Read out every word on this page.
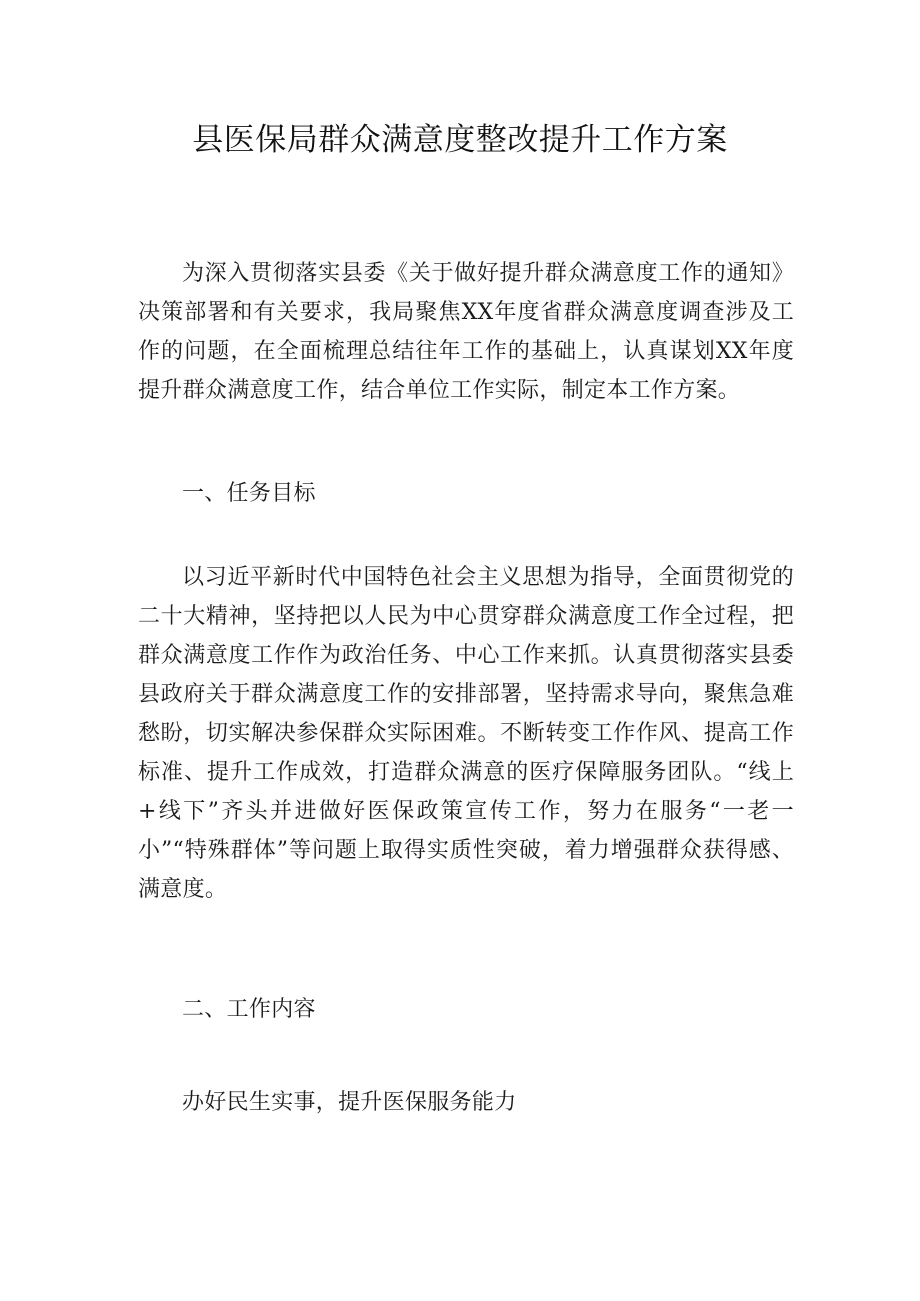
县医保局群众满意度整改提升工作方案

为深入贯彻落实县委《关于做好提升群众满意度工作的通知》决策部署和有关要求，我局聚焦XX年度省群众满意度调查涉及工作的问题，在全面梳理总结往年工作的基础上，认真谋划XX年度提升群众满意度工作，结合单位工作实际，制定本工作方案。

一、任务目标

以习近平新时代中国特色社会主义思想为指导，全面贯彻党的二十大精神，坚持把以人民为中心贯穿群众满意度工作全过程，把群众满意度工作作为政治任务、中心工作来抓。认真贯彻落实县委县政府关于群众满意度工作的安排部署，坚持需求导向，聚焦急难愁盼，切实解决参保群众实际困难。不断转变工作作风、提高工作标准、提升工作成效，打造群众满意的医疗保障服务团队。“线上+线下”齐头并进做好医保政策宣传工作，努力在服务“一老一小”“特殊群体”等问题上取得实质性突破，着力增强群众获得感、满意度。

二、工作内容

办好民生实事，提升医保服务能力
